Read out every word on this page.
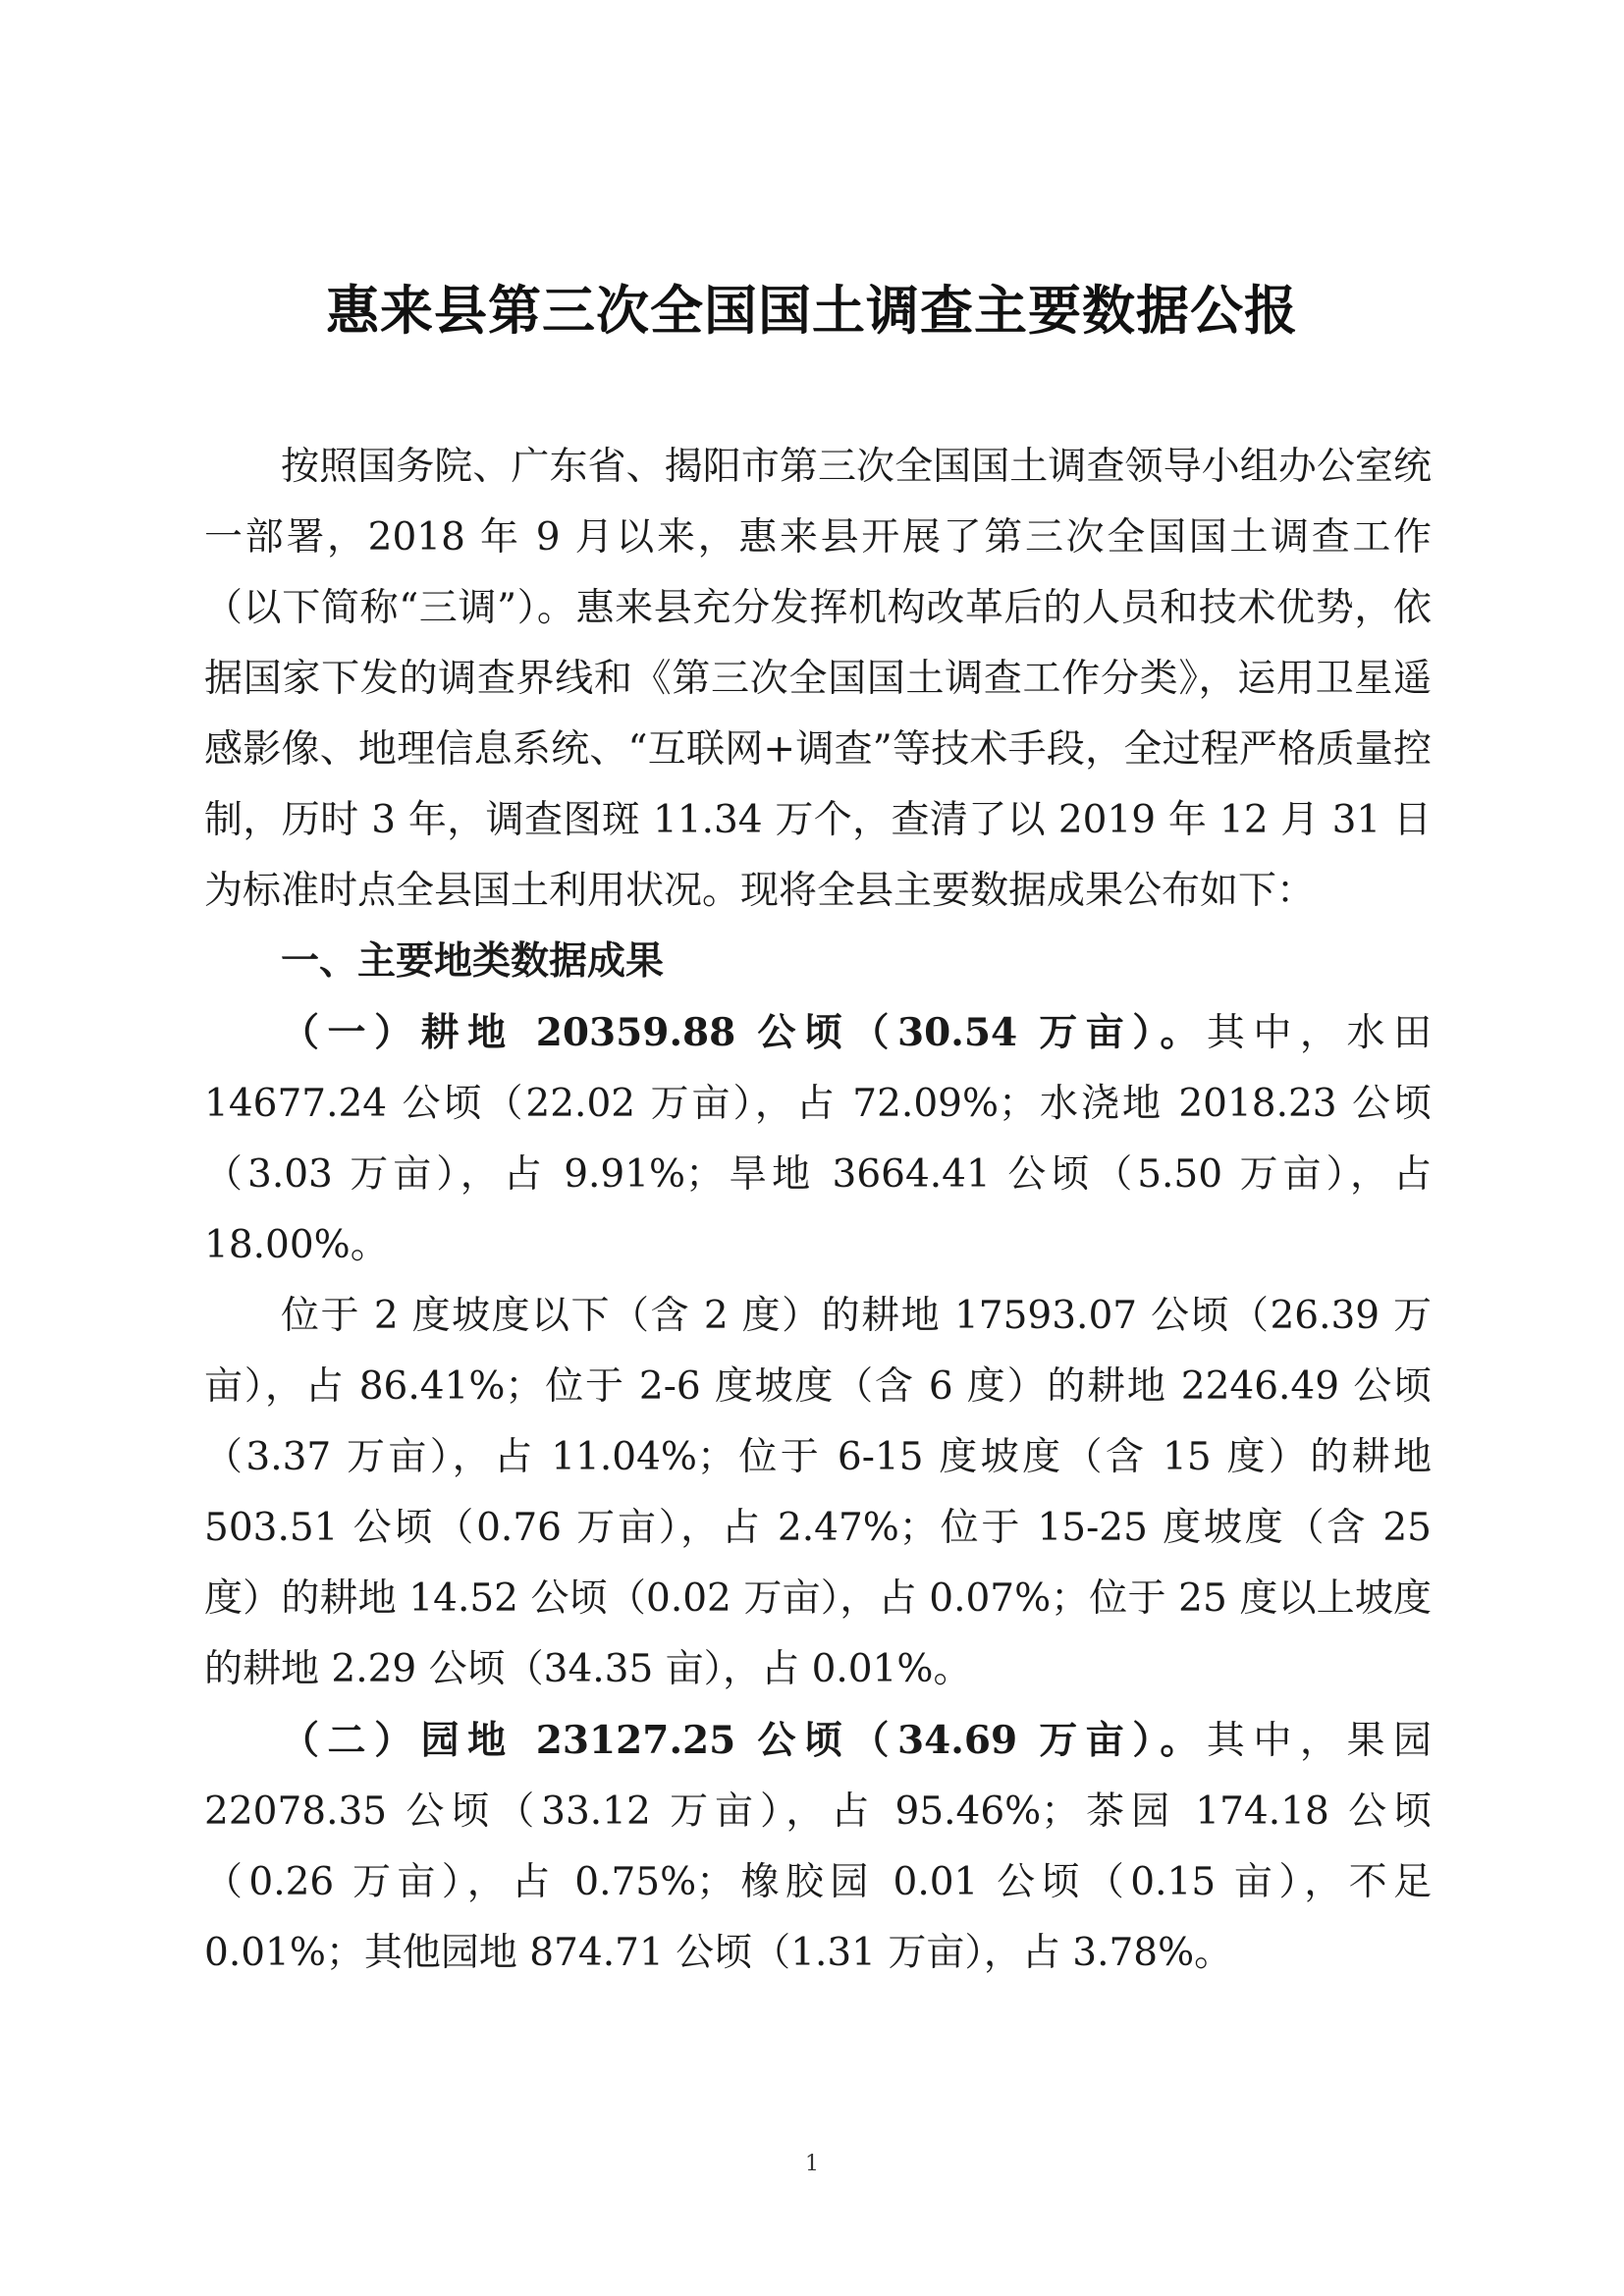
惠来县第三次全国国土调查主要数据公报

按照国务院、广东省、揭阳市第三次全国国土调查领导小组办公室统一部署，2018 年 9 月以来，惠来县开展了第三次全国国土调查工作（以下简称“三调”）。惠来县充分发挥机构改革后的人员和技术优势，依据国家下发的调查界线和《第三次全国国土调查工作分类》，运用卫星遥感影像、地理信息系统、“互联网+调查”等技术手段，全过程严格质量控制，历时 3 年，调查图斑 11.34 万个，查清了以 2019 年 12 月 31 日为标准时点全县国土利用状况。现将全县主要数据成果公布如下：

一、主要地类数据成果

（一）耕地 20359.88 公顷（30.54 万亩）。其中，水田 14677.24 公顷（22.02 万亩），占 72.09%；水浇地 2018.23 公顷（3.03 万亩），占 9.91%；旱地 3664.41 公顷（5.50 万亩），占 18.00%。

位于 2 度坡度以下（含 2 度）的耕地 17593.07 公顷（26.39 万亩），占 86.41%；位于 2-6 度坡度（含 6 度）的耕地 2246.49 公顷（3.37 万亩），占 11.04%；位于 6-15 度坡度（含 15 度）的耕地 503.51 公顷（0.76 万亩），占 2.47%；位于 15-25 度坡度（含 25 度）的耕地 14.52 公顷（0.02 万亩），占 0.07%；位于 25 度以上坡度的耕地 2.29 公顷（34.35 亩），占 0.01%。

（二）园地 23127.25 公顷（34.69 万亩）。其中，果园 22078.35 公顷（33.12 万亩），占 95.46%；茶园 174.18 公顷（0.26 万亩），占 0.75%；橡胶园 0.01 公顷（0.15 亩），不足 0.01%；其他园地 874.71 公顷（1.31 万亩），占 3.78%。

1
